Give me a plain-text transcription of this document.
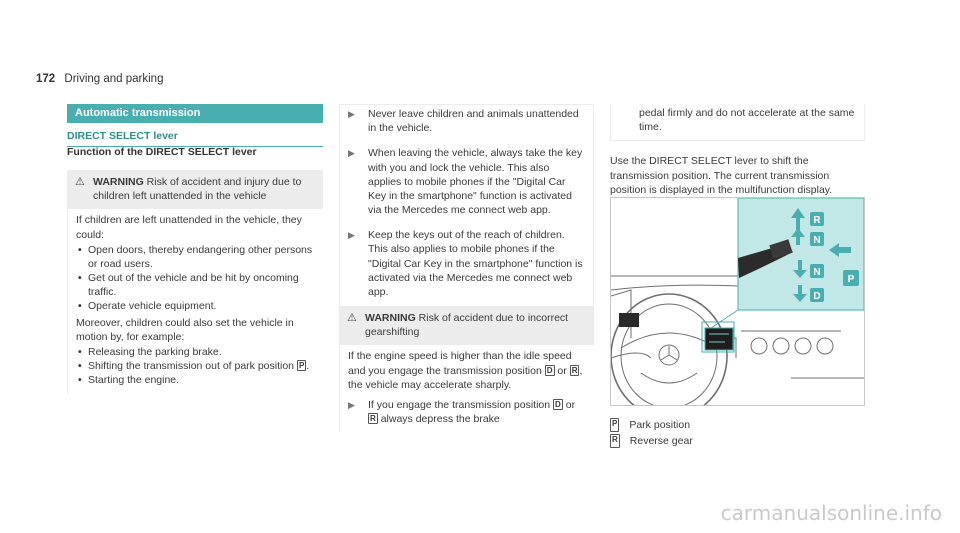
172 Driving and parking
Automatic transmission
DIRECT SELECT lever
Function of the DIRECT SELECT lever
⚠ WARNING Risk of accident and injury due to children left unattended in the vehicle
If children are left unattended in the vehicle, they could:
• Open doors, thereby endangering other persons or road users.
• Get out of the vehicle and be hit by oncoming traffic.
• Operate vehicle equipment.
Moreover, children could also set the vehicle in motion by, for example:
• Releasing the parking brake.
• Shifting the transmission out of park position P .
• Starting the engine.
▶	Never leave children and animals unattended in the vehicle.
▶	When leaving the vehicle, always take the key with you and lock the vehicle. This also applies to mobile phones if the "Digital Car Key in the smartphone" function is activated via the Mercedes me connect web app.
▶	Keep the keys out of the reach of children. This also applies to mobile phones if the "Digital Car Key in the smartphone" function is activated via the Mercedes me connect web app.
⚠ WARNING Risk of accident due to incorrect gearshifting
If the engine speed is higher than the idle speed and you engage the transmission position D or R , the vehicle may accelerate sharply.
▶	If you engage the transmission position D or R always depress the brake
pedal firmly and do not accelerate at the same time.

Use the DIRECT SELECT lever to shift the transmission position. The current transmission position is displayed in the multifunction display.

R
N
N
D
P
P Park position
R Reverse gear
carmanualsonline.info
